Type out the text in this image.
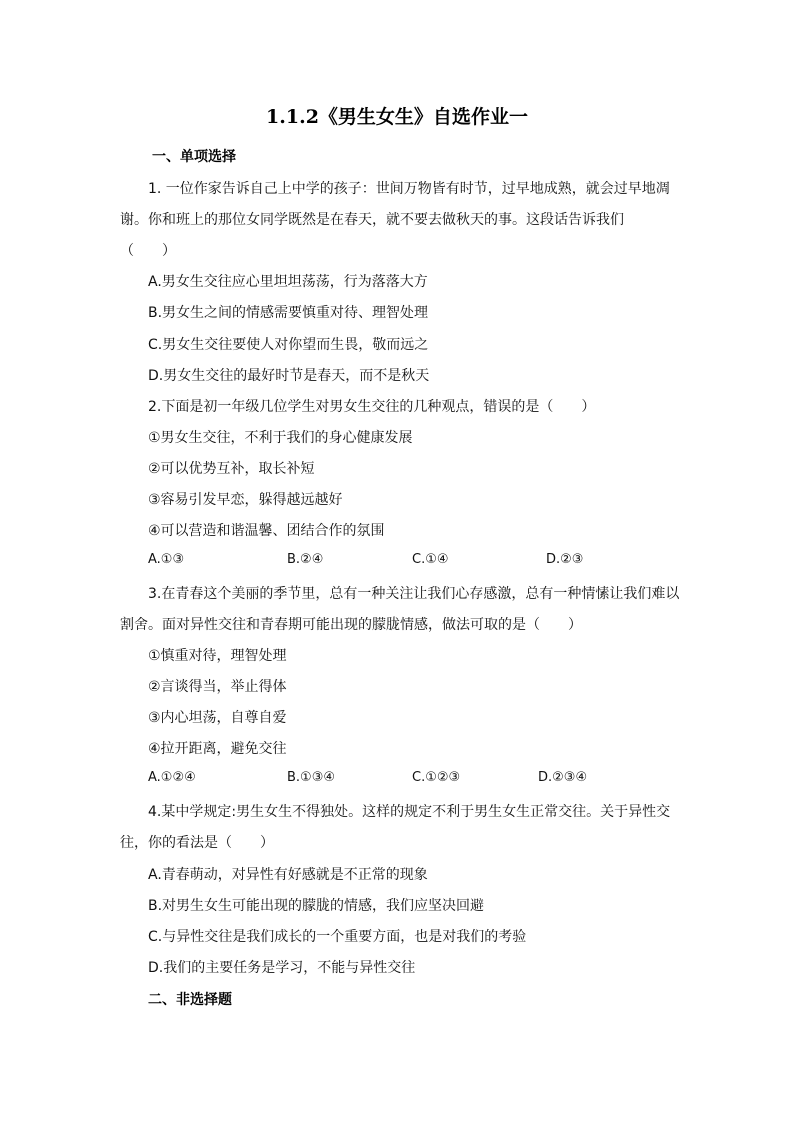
1.1.2《男生女生》自选作业一
一、单项选择
1. 一位作家告诉自己上中学的孩子：世间万物皆有时节，过早地成熟，就会过早地凋
谢。你和班上的那位女同学既然是在春天，就不要去做秋天的事。这段话告诉我们
（　　）
A.男女生交往应心里坦坦荡荡，行为落落大方
B.男女生之间的情感需要慎重对待、理智处理
C.男女生交往要使人对你望而生畏，敬而远之
D.男女生交往的最好时节是春天，而不是秋天
2.下面是初一年级几位学生对男女生交往的几种观点，错误的是（　　）
①男女生交往，不利于我们的身心健康发展
②可以优势互补，取长补短
③容易引发早恋，躲得越远越好
④可以营造和谐温馨、团结合作的氛围
A.①③	B.②④	C.①④	D.②③
3.在青春这个美丽的季节里，总有一种关注让我们心存感激，总有一种情愫让我们难以
割舍。面对异性交往和青春期可能出现的朦胧情感，做法可取的是（　　）
①慎重对待，理智处理
②言谈得当，举止得体
③内心坦荡，自尊自爱
④拉开距离，避免交往
A.①②④	B.①③④	C.①②③	D.②③④
4.某中学规定:男生女生不得独处。这样的规定不利于男生女生正常交往。关于异性交
往，你的看法是（　　）
A.青春萌动，对异性有好感就是不正常的现象
B.对男生女生可能出现的朦胧的情感，我们应坚决回避
C.与异性交往是我们成长的一个重要方面，也是对我们的考验
D.我们的主要任务是学习，不能与异性交往
二、非选择题
